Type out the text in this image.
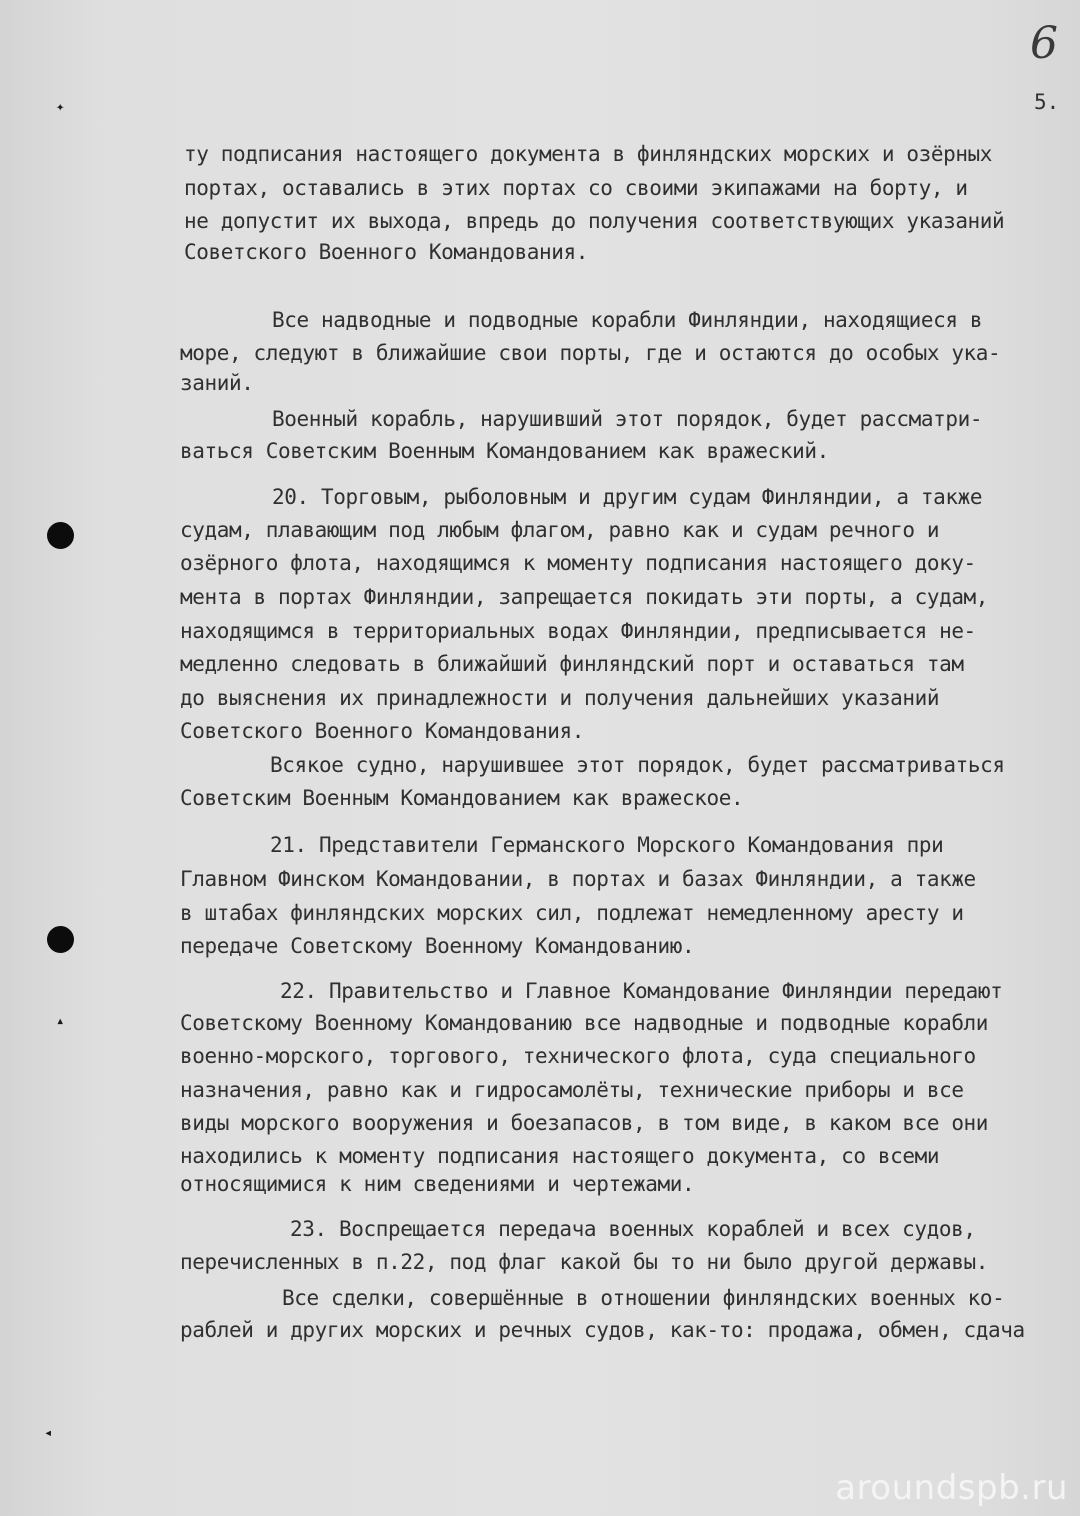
✦
▴
◂
6
5.
ту подписания настоящего документа в финляндских морских и озёрных
портах, оставались в этих портах со своими экипажами на борту, и
не допустит их выхода, впредь до получения соответствующих указаний
Советского Военного Командования.
Все надводные и подводные корабли Финляндии, находящиеся в
море, следуют в ближайшие свои порты, где и остаются до особых ука-
заний.
Военный корабль, нарушивший этот порядок, будет рассматри-
ваться Советским Военным Командованием как вражеский.
20. Торговым, рыболовным и другим судам Финляндии, а также
судам, плавающим под любым флагом, равно как и судам речного и
озёрного флота, находящимся к моменту подписания настоящего доку-
мента в портах Финляндии, запрещается покидать эти порты, а судам,
находящимся в территориальных водах Финляндии, предписывается не-
медленно следовать в ближайший финляндский порт и оставаться там
до выяснения их принадлежности и получения дальнейших указаний
Советского Военного Командования.
Всякое судно, нарушившее этот порядок, будет рассматриваться
Советским Военным Командованием как вражеское.
21. Представители Германского Морского Командования при
Главном Финском Командовании, в портах и базах Финляндии, а также
в штабах финляндских морских сил, подлежат немедленному аресту и
передаче Советскому Военному Командованию.
22. Правительство и Главное Командование Финляндии передают
Советскому Военному Командованию все надводные и подводные корабли
военно-морского, торгового, технического флота, суда специального
назначения, равно как и гидросамолёты, технические приборы и все
виды морского вооружения и боезапасов, в том виде, в каком все они
находились к моменту подписания настоящего документа, со всеми
относящимися к ним сведениями и чертежами.
23. Воспрещается передача военных кораблей и всех судов,
перечисленных в п.22, под флаг какой бы то ни было другой державы.
Все сделки, совершённые в отношении финляндских военных ко-
раблей и других морских и речных судов, как-то: продажа, обмен, сдача
aroundspb.ru
